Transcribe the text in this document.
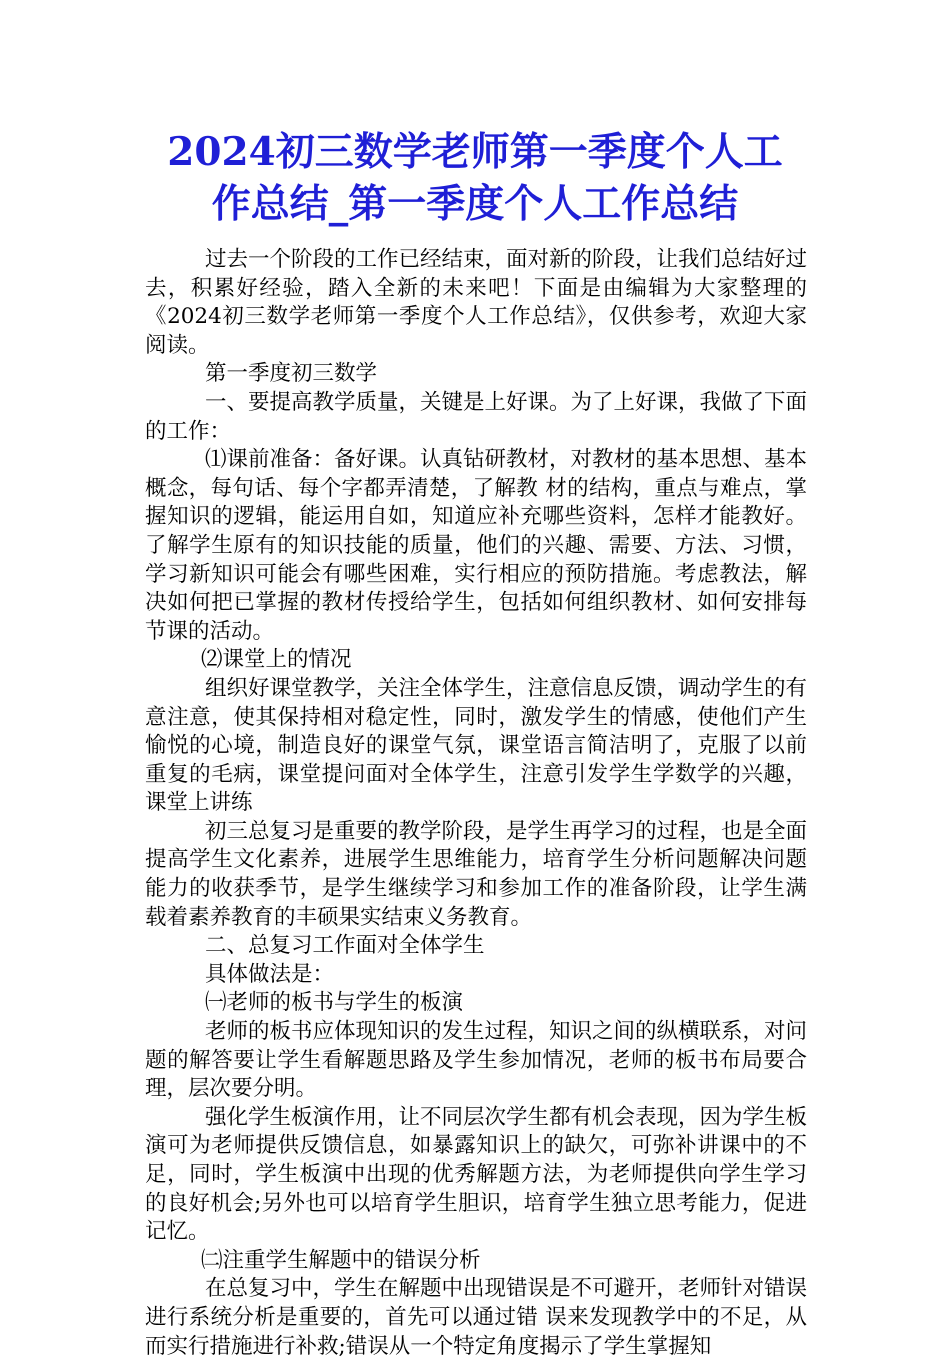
2024初三数学老师第一季度个人工
作总结_第一季度个人工作总结

过去一个阶段的工作已经结束，面对新的阶段，让我们总结好过去，积累好经验，踏入全新的未来吧！下面是由编辑为大家整理的《2024初三数学老师第一季度个人工作总结》，仅供参考，欢迎大家阅读。

第一季度初三数学

一、要提高教学质量，关键是上好课。为了上好课，我做了下面的工作：

⑴课前准备：备好课。认真钻研教材，对教材的基本思想、基本概念，每句话、每个字都弄清楚，了解教 材的结构，重点与难点，掌握知识的逻辑，能运用自如，知道应补充哪些资料，怎样才能教好。了解学生原有的知识技能的质量，他们的兴趣、需要、方法、习惯， 学习新知识可能会有哪些困难，实行相应的预防措施。考虑教法，解决如何把已掌握的教材传授给学生，包括如何组织教材、如何安排每节课的活动。

⑵课堂上的情况

组织好课堂教学，关注全体学生，注意信息反馈，调动学生的有意注意，使其保持相对稳定性，同时，激发学生的情感，使他们产生愉悦的心境，制造良好的课堂气氛，课堂语言简洁明了，克服了以前重复的毛病，课堂提问面对全体学生，注意引发学生学数学的兴趣，课堂上讲练

初三总复习是重要的教学阶段，是学生再学习的过程，也是全面提高学生文化素养，进展学生思维能力，培育学生分析问题解决问题能力的收获季节，是学生继续学习和参加工作的准备阶段，让学生满载着素养教育的丰硕果实结束义务教育。

二、总复习工作面对全体学生

具体做法是：

㈠老师的板书与学生的板演

老师的板书应体现知识的发生过程，知识之间的纵横联系，对问题的解答要让学生看解题思路及学生参加情况，老师的板书布局要合理，层次要分明。

强化学生板演作用，让不同层次学生都有机会表现，因为学生板演可为老师提供反馈信息，如暴露知识上的缺欠，可弥补讲课中的不足，同时，学生板演中出现的优秀解题方法，为老师提供向学生学习的良好机会;另外也可以培育学生胆识，培育学生独立思考能力，促进记忆。

㈡注重学生解题中的错误分析

在总复习中，学生在解题中出现错误是不可避开，老师针对错误进行系统分析是重要的，首先可以通过错 误来发现教学中的不足，从而实行措施进行补救;错误从一个特定角度揭示了学生掌握知
